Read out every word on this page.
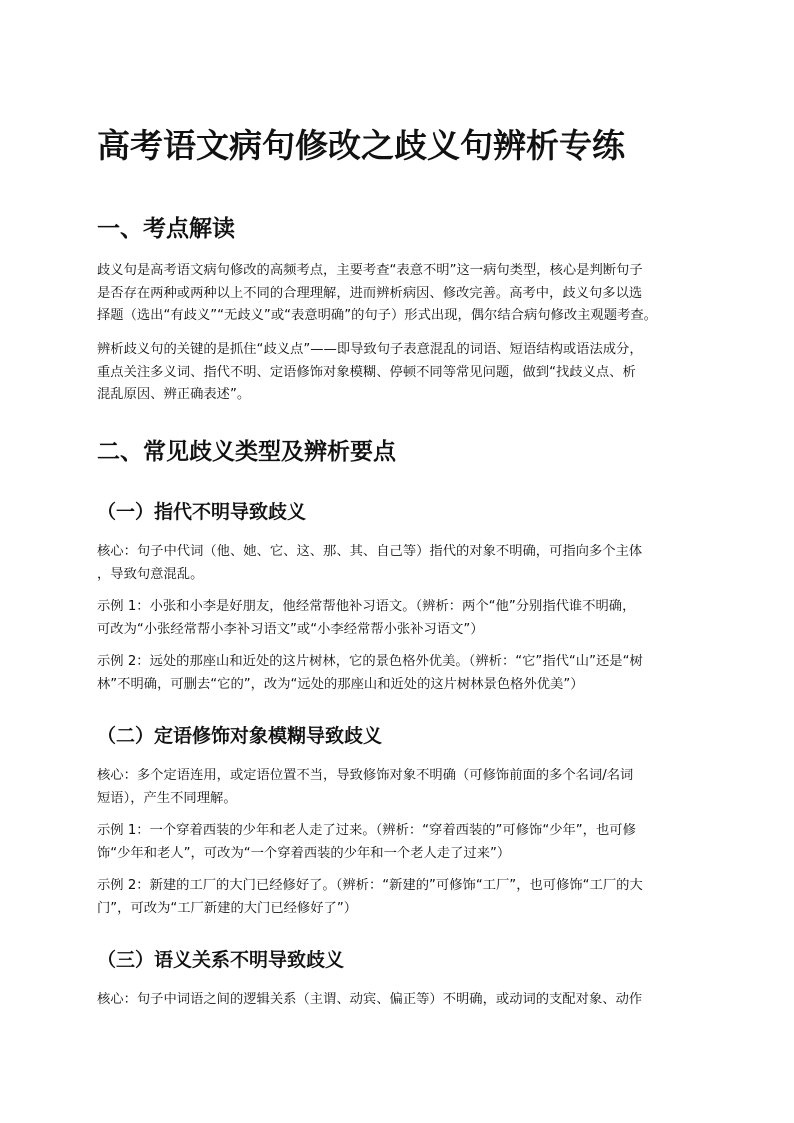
高考语文病句修改之歧义句辨析专练
一、考点解读

歧义句是高考语文病句修改的高频考点，主要考查“表意不明”这一病句类型，核心是判断句子
是否存在两种或两种以上不同的合理理解，进而辨析病因、修改完善。高考中，歧义句多以选
择题（选出“有歧义”“无歧义”或“表意明确”的句子）形式出现，偶尔结合病句修改主观题考查。

辨析歧义句的关键的是抓住“歧义点”——即导致句子表意混乱的词语、短语结构或语法成分，
重点关注多义词、指代不明、定语修饰对象模糊、停顿不同等常见问题，做到“找歧义点、析
混乱原因、辨正确表述”。

二、常见歧义类型及辨析要点
（一）指代不明导致歧义

核心：句子中代词（他、她、它、这、那、其、自己等）指代的对象不明确，可指向多个主体
，导致句意混乱。

示例 1：小张和小李是好朋友，他经常帮他补习语文。（辨析：两个“他”分别指代谁不明确，
可改为“小张经常帮小李补习语文”或“小李经常帮小张补习语文”）

示例 2：远处的那座山和近处的这片树林，它的景色格外优美。（辨析：“它”指代“山”还是“树
林”不明确，可删去“它的”，改为“远处的那座山和近处的这片树林景色格外优美”）

（二）定语修饰对象模糊导致歧义

核心：多个定语连用，或定语位置不当，导致修饰对象不明确（可修饰前面的多个名词/名词
短语），产生不同理解。

示例 1：一个穿着西装的少年和老人走了过来。（辨析：“穿着西装的”可修饰“少年”，也可修
饰“少年和老人”，可改为“一个穿着西装的少年和一个老人走了过来”）

示例 2：新建的工厂的大门已经修好了。（辨析：“新建的”可修饰“工厂”，也可修饰“工厂的大
门”，可改为“工厂新建的大门已经修好了”）

（三）语义关系不明导致歧义

核心：句子中词语之间的逻辑关系（主谓、动宾、偏正等）不明确，或动词的支配对象、动作
